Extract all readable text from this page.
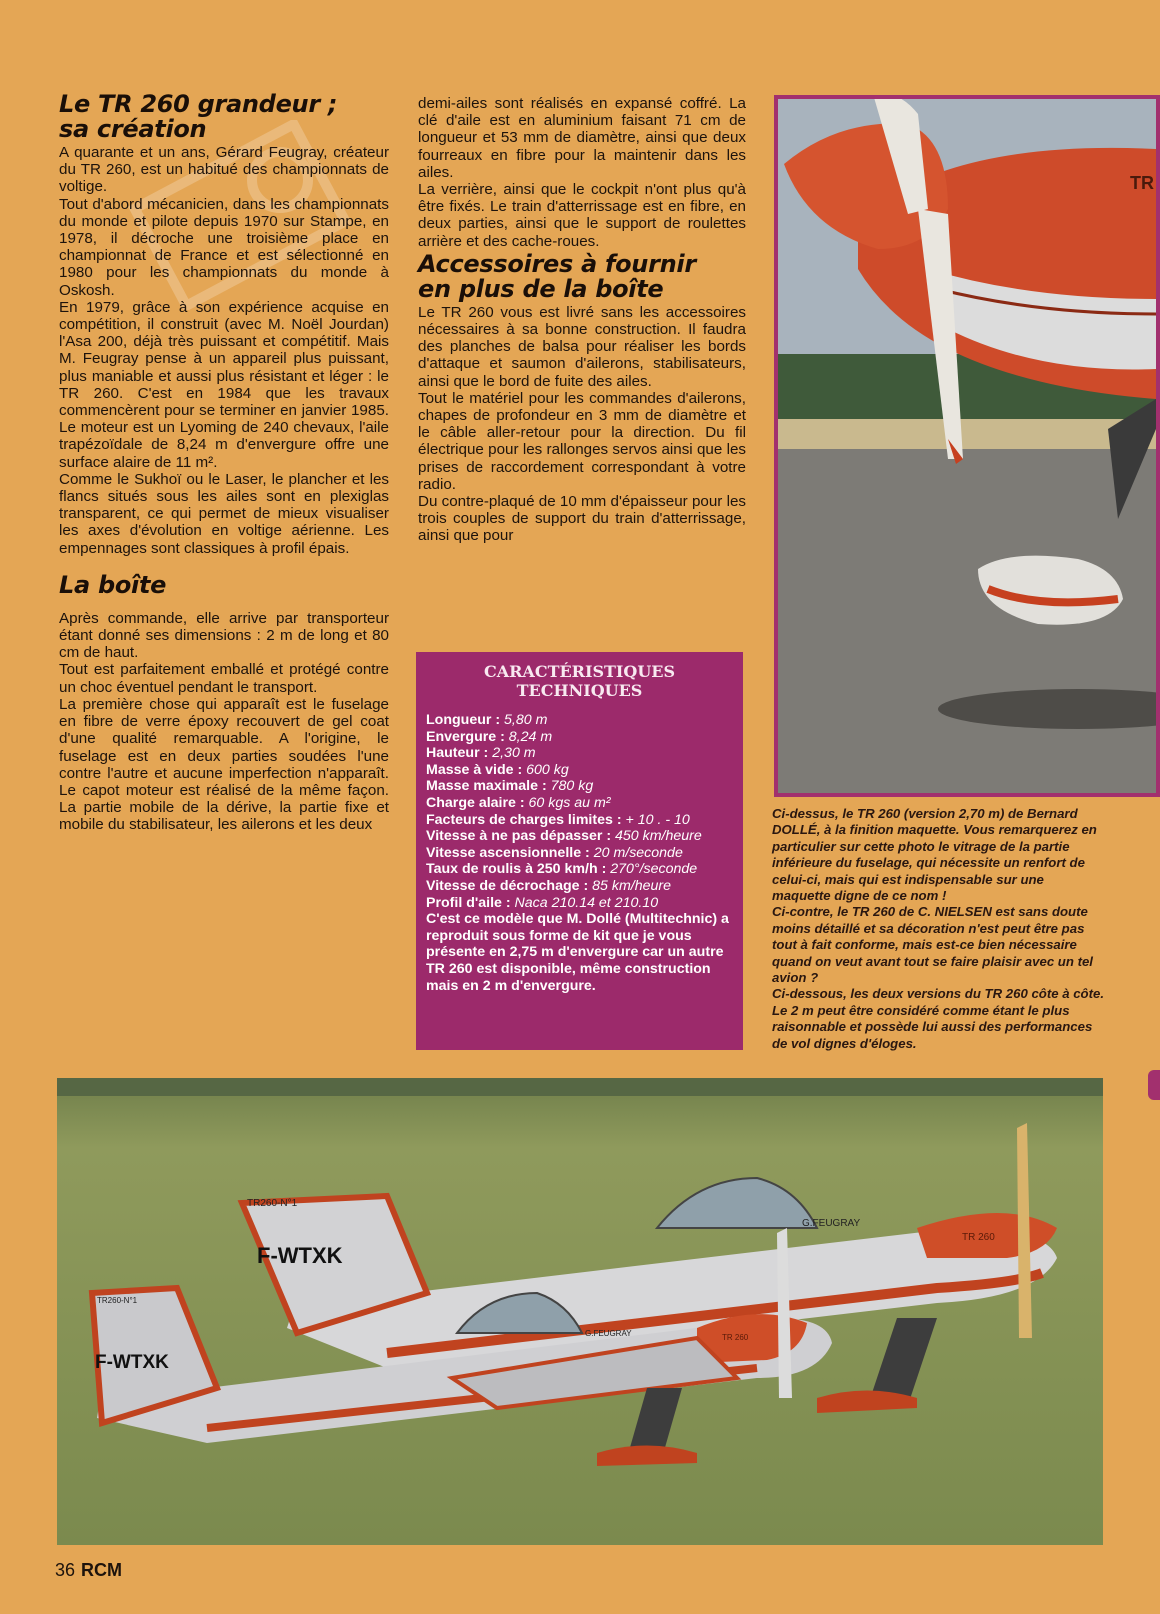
Le TR 260 grandeur ;
sa création

A quarante et un ans, Gérard Feugray, créateur du TR 260, est un habitué des championnats de voltige.
Tout d'abord mécanicien, dans les championnats du monde et pilote depuis 1970 sur Stampe, en 1978, il décroche une troisième place en championnat de France et est sélectionné en 1980 pour les championnats du monde à Oskosh.
En 1979, grâce à son expérience acquise en compétition, il construit (avec M. Noël Jourdan) l'Asa 200, déjà très puissant et compétitif. Mais M. Feugray pense à un appareil plus puissant, plus maniable et aussi plus résistant et léger : le TR 260. C'est en 1984 que les travaux commencèrent pour se terminer en janvier 1985. Le moteur est un Lyoming de 240 chevaux, l'aile trapézoïdale de 8,24 m d'envergure offre une surface alaire de 11 m².
Comme le Sukhoï ou le Laser, le plancher et les flancs situés sous les ailes sont en plexiglas transparent, ce qui permet de mieux visualiser les axes d'évolution en voltige aérienne. Les empennages sont classiques à profil épais.

La boîte

Après commande, elle arrive par transporteur étant donné ses dimensions : 2 m de long et 80 cm de haut.
Tout est parfaitement emballé et protégé contre un choc éventuel pendant le transport.
La première chose qui apparaît est le fuselage en fibre de verre époxy recouvert de gel coat d'une qualité remarquable. A l'origine, le fuselage est en deux parties soudées l'une contre l'autre et aucune imperfection n'apparaît. Le capot moteur est réalisé de la même façon. La partie mobile de la dérive, la partie fixe et mobile du stabilisateur, les ailerons et les deux

demi-ailes sont réalisés en expansé coffré. La clé d'aile est en aluminium faisant 71 cm de longueur et 53 mm de diamètre, ainsi que deux fourreaux en fibre pour la maintenir dans les ailes.
La verrière, ainsi que le cockpit n'ont plus qu'à être fixés. Le train d'atterrissage est en fibre, en deux parties, ainsi que le support de roulettes arrière et des cache-roues.

Accessoires à fournir
en plus de la boîte

Le TR 260 vous est livré sans les accessoires nécessaires à sa bonne construction. Il faudra des planches de balsa pour réaliser les bords d'attaque et saumon d'ailerons, stabilisateurs, ainsi que le bord de fuite des ailes.
Tout le matériel pour les commandes d'ailerons, chapes de profondeur en 3 mm de diamètre et le câble aller-retour pour la direction. Du fil électrique pour les rallonges servos ainsi que les prises de raccordement correspondant à votre radio.
Du contre-plaqué de 10 mm d'épaisseur pour les trois couples de support du train d'atterrissage, ainsi que pour

CARACTÉRISTIQUES
TECHNIQUES
Longueur : 5,80 m
Envergure : 8,24 m
Hauteur : 2,30 m
Masse à vide : 600 kg
Masse maximale : 780 kg
Charge alaire : 60 kgs au m²
Facteurs de charges limites : + 10 . - 10
Vitesse à ne pas dépasser : 450 km/heure
Vitesse ascensionnelle : 20 m/seconde
Taux de roulis à 250 km/h : 270°/seconde
Vitesse de décrochage : 85 km/heure
Profil d'aile : Naca 210.14 et 210.10

C'est ce modèle que M. Dollé (Multitechnic) a reproduit sous forme de kit que je vous présente en 2,75 m d'envergure car un autre TR 260 est disponible, même construction mais en 2 m d'envergure.

TR
Ci-dessus, le TR 260 (version 2,70 m) de Bernard DOLLÉ, à la finition maquette. Vous remarquerez en particulier sur cette photo le vitrage de la partie inférieure du fuselage, qui nécessite un renfort de celui-ci, mais qui est indispensable sur une maquette digne de ce nom !
Ci-contre, le TR 260 de C. NIELSEN est sans doute moins détaillé et sa décoration n'est peut être pas tout à fait conforme, mais est-ce bien nécessaire quand on veut avant tout se faire plaisir avec un tel avion ?
Ci-dessous, les deux versions du TR 260 côte à côte. Le 2 m peut être considéré comme étant le plus raisonnable et possède lui aussi des performances de vol dignes d'éloges.
F-WTXK
TR260-N°1
G.FEUGRAY
TR 260
F-WTXK
TR260-N°1
G.FEUGRAY	TR 260
36 RCM
